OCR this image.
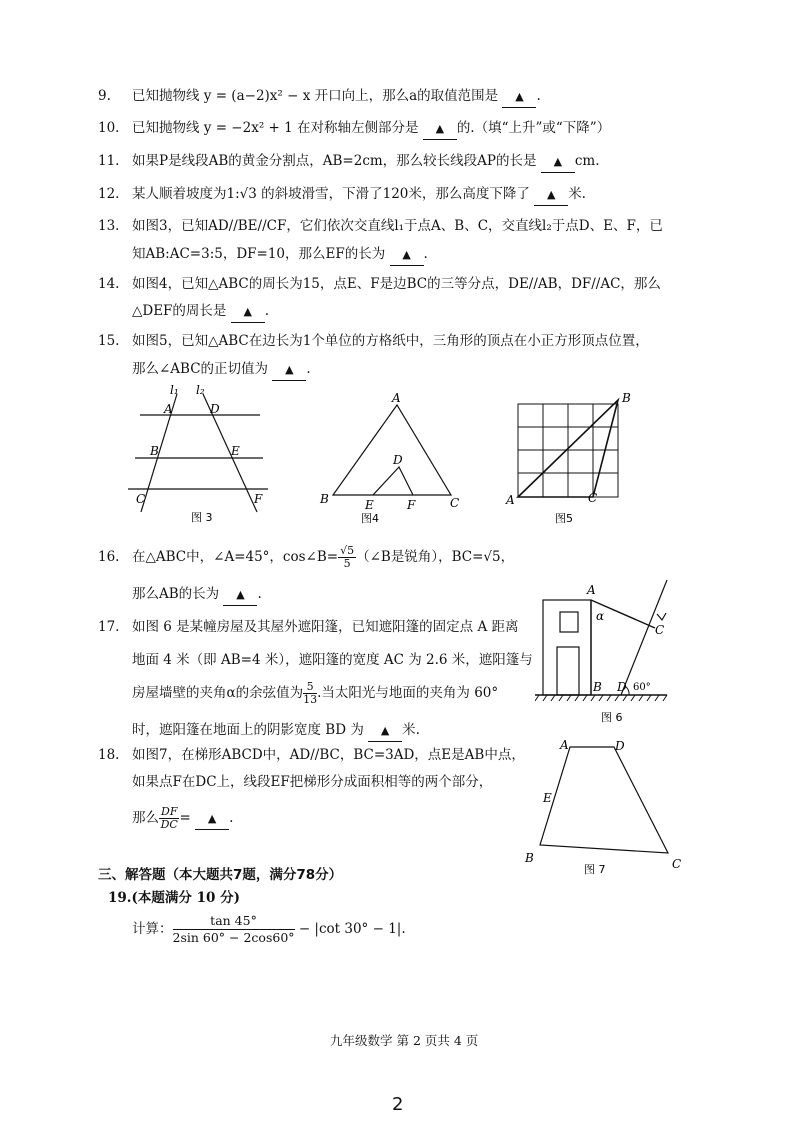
9. 已知抛物线 y = (a−2)x² − x 开口向上，那么a的取值范围是 ▲ .
10. 已知抛物线 y = −2x² + 1 在对称轴左侧部分是 ▲ 的.（填“上升”或“下降”）
11. 如果P是线段AB的黄金分割点，AB=2cm，那么较长线段AP的长是 ▲ cm.
12. 某人顺着坡度为1:√3 的斜坡滑雪，下滑了120米，那么高度下降了 ▲ 米.
13. 如图3，已知AD//BE//CF，它们依次交直线l₁于点A、B、C，交直线l₂于点D、E、F，已
知AB:AC=3:5，DF=10，那么EF的长为 ▲ .
14. 如图4，已知△ABC的周长为15，点E、F是边BC的三等分点，DE//AB，DF//AC，那么
△DEF的周长是 ▲ .
15. 如图5，已知△ABC在边长为1个单位的方格纸中，三角形的顶点在小正方形顶点位置，
那么∠ABC的正切值为 ▲ .
l₁ l₂
A	D
B	E
C	F
图 3
A
B	C
D
E	F
图4
A
B
C
图5
16. 在△ABC中，∠A=45°，cos∠B= $\frac{√5}{5}$ （∠B是锐角），BC=√5，
那么AB的长为 ▲ .	A
α
C
B D 60°
图 6
17. 如图 6 是某幢房屋及其屋外遮阳篷，已知遮阳篷的固定点 A 距离
地面 4 米（即 AB=4 米），遮阳篷的宽度 AC 为 2.6 米，遮阳篷与
房屋墙壁的夹角α的余弦值为 $\frac{5}{13}$ .当太阳光与地面的夹角为 60°
时，遮阳篷在地面上的阴影宽度 BD 为 ▲ 米.
18. 如图7，在梯形ABCD中，AD//BC，BC=3AD，点E是AB中点，
如果点F在DC上，线段EF把梯形分成面积相等的两个部分，
那么 $\frac{DF}{DC}$ = ▲ .
A	D
E
B	C
图 7
三、解答题（本大题共7题，满分78分）
19.(本题满分 10 分)
计算： $\frac{\tan 45^\circ}{2\sin 60^\circ - 2\cos 60^\circ} - |\cot$ 30° − 1|.
九年级数学 第 2 页共 4 页
2
